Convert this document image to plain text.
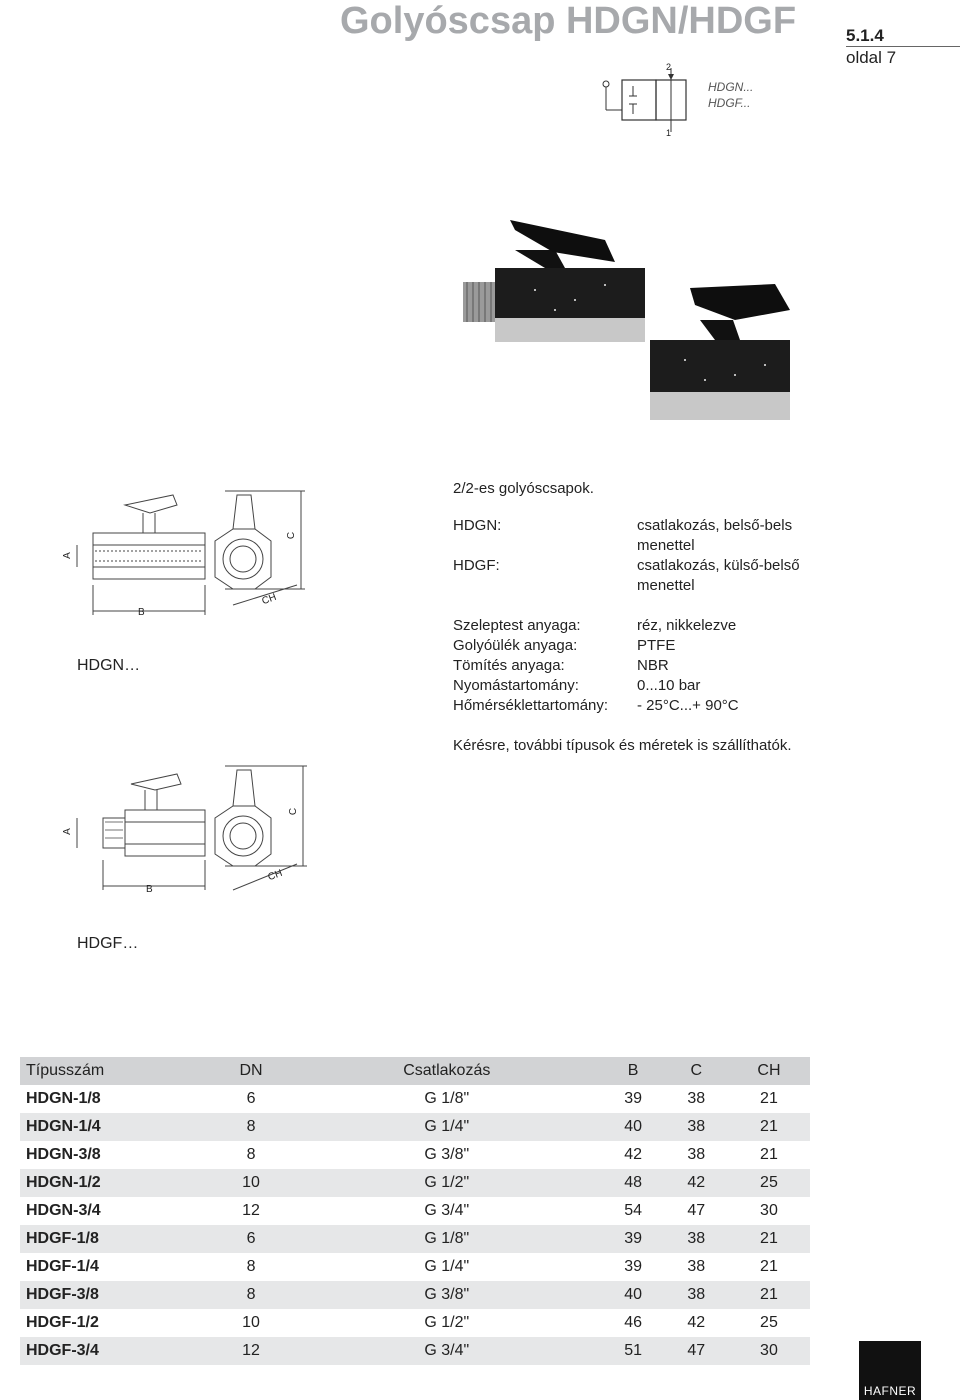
Golyóscsap HDGN/HDGF	5.1.4
oldal 7
2
1
HDGN...
HDGF...
A
B
C
CH
HDGN…
A
B
C
CH
HDGF…
2/2-es golyóscsapok.
HDGN:	csatlakozás, belső-bels
menettel
HDGF:	csatlakozás, külső-belső
menettel
Szeleptest anyaga:	réz, nikkelezve
Golyóülék anyaga:	PTFE
Tömítés anyaga:	NBR
Nyomástartomány:	0...10 bar
Hőmérséklettartomány: - 25°C...+ 90°C
Kérésre, további típusok és méretek is szállíthatók.
Típusszám	DN	Csatlakozás	B	C	CH
HDGN-1/8	6	G 1/8"	39	38	21
HDGN-1/4	8	G 1/4"	40	38	21
HDGN-3/8	8	G 3/8"	42	38	21
HDGN-1/2	10	G 1/2"	48	42	25
HDGN-3/4	12	G 3/4"	54	47	30
HDGF-1/8	6	G 1/8"	39	38	21
HDGF-1/4	8	G 1/4"	39	38	21
HDGF-3/8	8	G 3/8"	40	38	21
HDGF-1/2	10	G 1/2"	46	42	25
HDGF-3/4	12	G 3/4"	51	47	30
HAFNER
